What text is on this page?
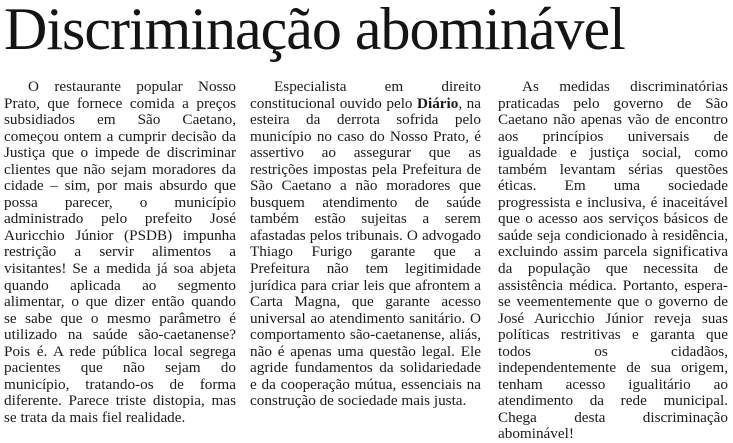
Discriminação abominável

O restaurante popular Nosso Prato, que fornece comida a preços subsidiados em São Caetano, começou ontem a cumprir decisão da Justiça que o impede de discriminar clientes que não sejam moradores da cidade – sim, por mais absurdo que possa parecer, o município administrado pelo prefeito José Auricchio Júnior (PSDB) impunha restrição a servir alimentos a visitantes! Se a medida já soa abjeta quando aplicada ao segmento alimentar, o que dizer então quando se sabe que o mesmo parâmetro é utilizado na saúde são-caetanense? Pois é. A rede pública local segrega pacientes que não sejam do município, tratando-os de forma diferente. Parece triste distopia, mas se trata da mais fiel realidade.

Especialista em direito constitucional ouvido pelo Diário, na esteira da derrota sofrida pelo município no caso do Nosso Prato, é assertivo ao assegurar que as restrições impostas pela Prefeitura de São Caetano a não moradores que busquem atendimento de saúde também estão sujeitas a serem afastadas pelos tribunais. O advogado Thiago Furigo garante que a Prefeitura não tem legitimidade jurídica para criar leis que afrontem a Carta Magna, que garante acesso universal ao atendimento sanitário. O comportamento são-caetanense, aliás, não é apenas uma questão legal. Ele agride fundamentos da solidariedade e da cooperação mútua, essenciais na construção de sociedade mais justa.

As medidas discriminatórias praticadas pelo governo de São Caetano não apenas vão de encontro aos princípios universais de igualdade e justiça social, como também levantam sérias questões éticas. Em uma sociedade progressista e inclusiva, é inaceitável que o acesso aos serviços básicos de saúde seja condicionado à residência, excluindo assim parcela significativa da população que necessita de assistência médica. Portanto, espera-se veementemente que o governo de José Auricchio Júnior reveja suas políticas restritivas e garanta que todos os cidadãos, independentemente de sua origem, tenham acesso igualitário ao atendimento da rede municipal. Chega desta discriminação abominável!
